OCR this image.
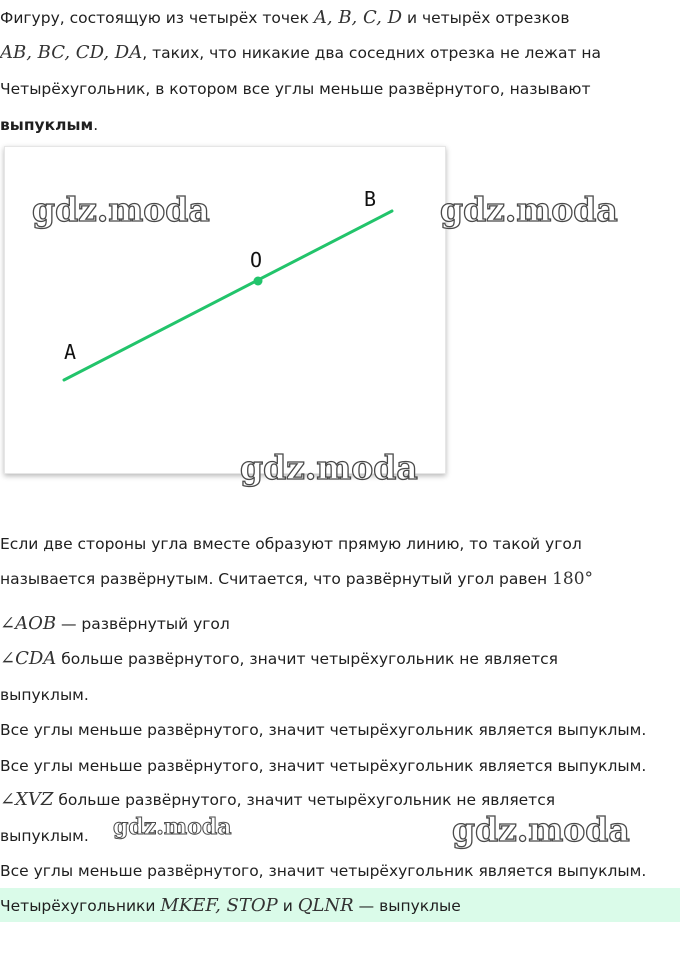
Фигуру, состоящую из четырёх точек A, B, C, D и четырёх отрезков
AB, BC, CD, DA, таких, что никакие два соседних отрезка не лежат на
Четырёхугольник, в котором все углы меньше развёрнутого, называют
выпуклым.
A
O
B
gdz.moda	gdz.moda
gdz.moda
Если две стороны угла вместе образуют прямую линию, то такой угол
называется развёрнутым. Считается, что развёрнутый угол равен 180°
∠AOB — развёрнутый угол
∠CDA больше развёрнутого, значит четырёхугольник не является
выпуклым.
Все углы меньше развёрнутого, значит четырёхугольник является выпуклым.
Все углы меньше развёрнутого, значит четырёхугольник является выпуклым.
∠XVZ больше развёрнутого, значит четырёхугольник не является
выпуклым. gdz.moda	gdz.moda
Все углы меньше развёрнутого, значит четырёхугольник является выпуклым.
Четырёхугольники MKEF, STOP и QLNR — выпуклые
